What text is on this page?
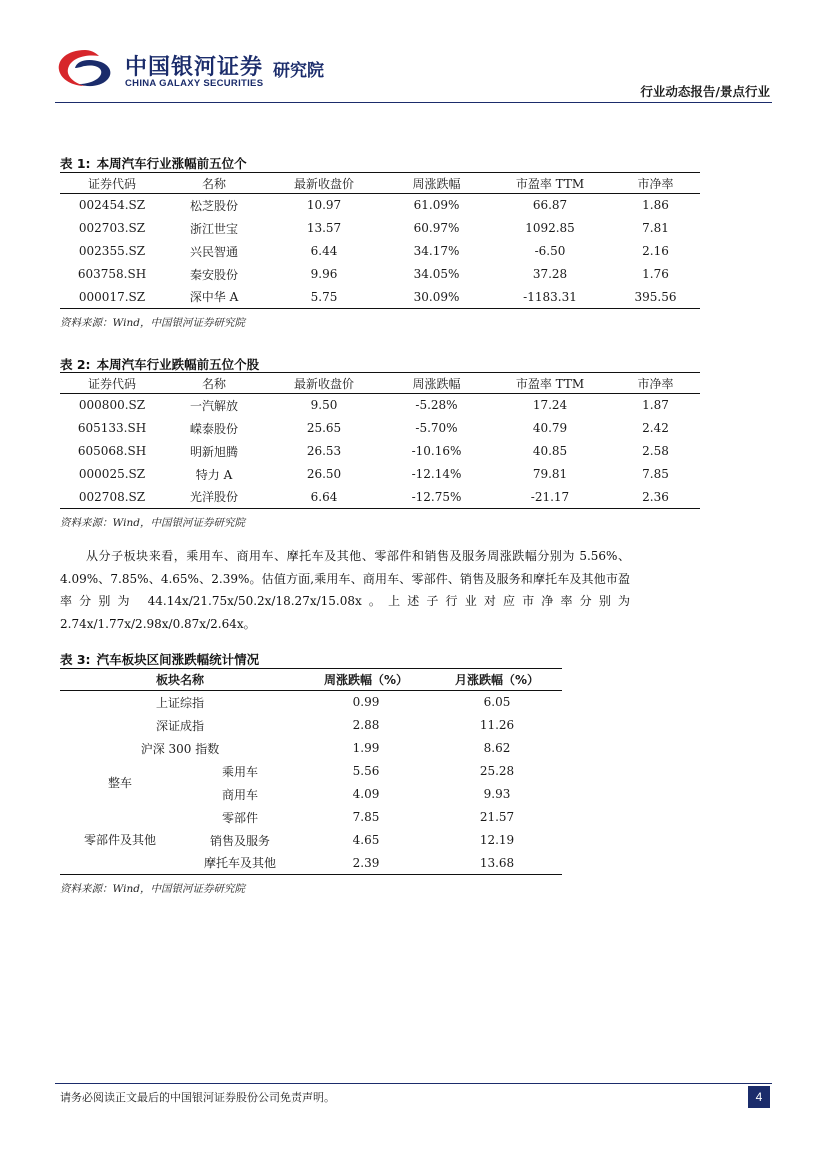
中国银河证券
CHINA GALAXY SECURITIES
研究院
行业动态报告/景点行业
表 1: 本周汽车行业涨幅前五位个
证券代码	名称	最新收盘价	周涨跌幅	市盈率 TTM	市净率
002454.SZ	松芝股份	10.97	61.09%	66.87	1.86
002703.SZ	浙江世宝	13.57	60.97%	1092.85	7.81
002355.SZ	兴民智通	6.44	34.17%	-6.50	2.16
603758.SH	秦安股份	9.96	34.05%	37.28	1.76
000017.SZ	深中华 A	5.75	30.09%	-1183.31	395.56
资料来源：Wind，中国银河证券研究院
表 2: 本周汽车行业跌幅前五位个股
证券代码	名称	最新收盘价	周涨跌幅	市盈率 TTM	市净率
000800.SZ	一汽解放	9.50	-5.28%	17.24	1.87
605133.SH	嵘泰股份	25.65	-5.70%	40.79	2.42
605068.SH	明新旭腾	26.53	-10.16%	40.85	2.58
000025.SZ	特力 A	26.50	-12.14%	79.81	7.85
002708.SZ	光洋股份	6.64	-12.75%	-21.17	2.36
资料来源：Wind，中国银河证券研究院

从分子板块来看，乘用车、商用车、摩托车及其他、零部件和销售及服务周涨跌幅分别为 5.56%、4.09%、7.85%、4.65%、2.39%。估值方面,乘用车、商用车、零部件、销售及服务和摩托车及其他市盈率分别为 44.14x/21.75x/50.2x/18.27x/15.08x。上述子行业对应市净率分别为 2.74x/1.77x/2.98x/0.87x/2.64x。

表 3: 汽车板块区间涨跌幅统计情况
板块名称		周涨跌幅（%）	月涨跌幅（%）
上证综指		0.99	6.05
深证成指		2.88	11.26
沪深 300 指数		1.99	8.62
整车	乘用车	5.56	25.28
	商用车	4.09	9.93
零部件及其他	零部件	7.85	21.57
	销售及服务	4.65	12.19
	摩托车及其他	2.39	13.68
资料来源：Wind，中国银河证券研究院
请务必阅读正文最后的中国银河证券股份公司免责声明。	4
